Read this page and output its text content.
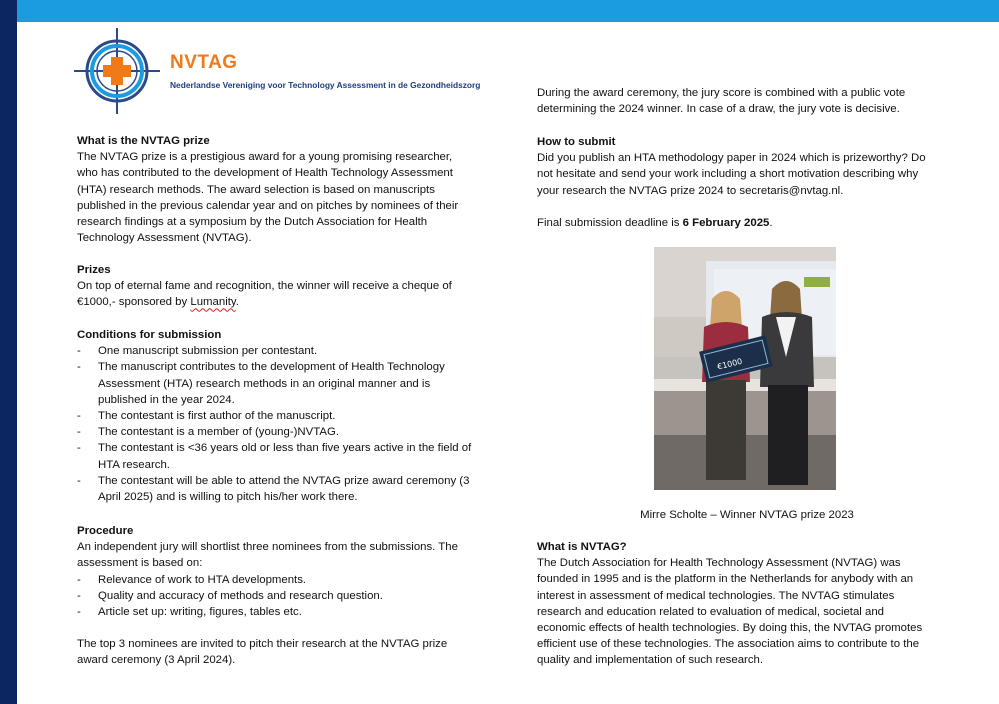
NVTAG
Nederlandse Vereniging voor Technology Assessment in de Gezondheidszorg

What is the NVTAG prize

The NVTAG prize is a prestigious award for a young promising researcher,

who has contributed to the development of Health Technology Assessment

(HTA) research methods. The award selection is based on manuscripts

published in the previous calendar year and on pitches by nominees of their

research findings at a symposium by the Dutch Association for Health

Technology Assessment (NVTAG).

Prizes

On top of eternal fame and recognition, the winner will receive a cheque of

€1000,- sponsored by Lumanity.

Conditions for submission

- One manuscript submission per contestant.
- The manuscript contributes to the development of Health Technology
Assessment (HTA) research methods in an original manner and is
published in the year 2024.
- The contestant is first author of the manuscript.
- The contestant is a member of (young-)NVTAG.
- The contestant is <36 years old or less than five years active in the field of
HTA research.
- The contestant will be able to attend the NVTAG prize award ceremony (3
April 2025) and is willing to pitch his/her work there.

Procedure

An independent jury will shortlist three nominees from the submissions. The

assessment is based on:

- Relevance of work to HTA developments.
- Quality and accuracy of methods and research question.
- Article set up: writing, figures, tables etc.

The top 3 nominees are invited to pitch their research at the NVTAG prize

award ceremony (3 April 2024).

During the award ceremony, the jury score is combined with a public vote

determining the 2024 winner. In case of a draw, the jury vote is decisive.

How to submit

Did you publish an HTA methodology paper in 2024 which is prizeworthy? Do

not hesitate and send your work including a short motivation describing why

your research the NVTAG prize 2024 to secretaris@nvtag.nl.

Final submission deadline is 6 February 2025.

What is NVTAG?

The Dutch Association for Health Technology Assessment (NVTAG) was

founded in 1995 and is the platform in the Netherlands for anybody with an

interest in assessment of medical technologies. The NVTAG stimulates

research and education related to evaluation of medical, societal and

economic effects of health technologies. By doing this, the NVTAG promotes

efficient use of these technologies. The association aims to contribute to the

quality and implementation of such research.

€1000
Mirre Scholte – Winner NVTAG prize 2023
